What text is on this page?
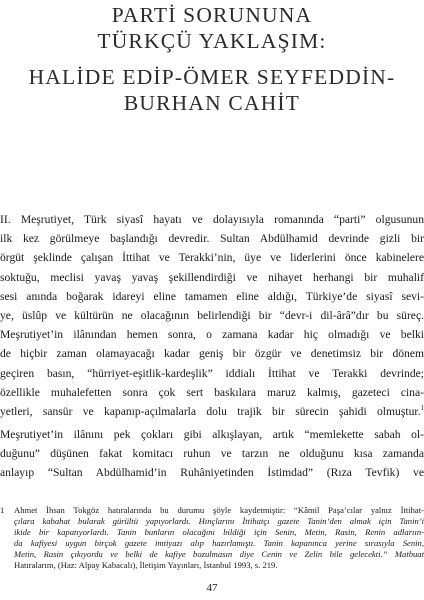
PARTİ SORUNUNA
TÜRKÇÜ YAKLAŞIM:
HALİDE EDİP-ÖMER SEYFEDDİN-
BURHAN CAHİT
II. Meşrutiyet, Türk siyasî hayatı ve dolayısıyla romanında “parti” olgusunun
ilk kez görülmeye başlandığı devredir. Sultan Abdülhamid devrinde gizli bir
örgüt şeklinde çalışan İttihat ve Terakki’nin, üye ve liderlerini önce kabinelere
soktuğu, meclisi yavaş yavaş şekillendirdiği ve nihayet herhangi bir muhalif
sesi anında boğarak idareyi eline tamamen eline aldığı, Türkiye’de siyasî sevi-
ye, üslûp ve kültürün ne olacağının belirlendiği bir “devr-i dil-ârâ”dır bu süreç.
Meşrutiyet’in ilânından hemen sonra, o zamana kadar hiç olmadığı ve belki
de hiçbir zaman olamayacağı kadar geniş bir özgür ve denetimsiz bir dönem
geçiren basın, “hürriyet-eşitlik-kardeşlik” iddialı İttihat ve Terakki devrinde;
özellikle muhalefetten sonra çok sert baskılara maruz kalmış, gazeteci cina-
yetleri, sansür ve kapanıp-açılmalarla dolu trajik bir sürecin şahidi olmuştur.$^1$
Meşrutiyet’in ilânını pek çokları gibi alkışlayan, artık “memlekette sabah ol-
duğunu” düşünen fakat komitacı ruhun ve tarzın ne olduğunu kısa zamanda
anlayıp “Sultan Abdülhamid’in Ruhâniyetinden İstimdad” (Rıza Tevfik) ve
1 Ahmet İhsan Tokgöz hatıralarında bu durumu şöyle kaydetmiştir: “Kâmil Paşa’cılar yalnız İttihat-
çılara kabahat bularak gürültü yapıyorlardı. Hınçlarını İttihatçı gazete Tanin’den almak için Tanin’i
ikide bir kapatıyorlardı. Tanin bunların olacağını bildiği için Senin, Metin, Rasin, Renin adlarıın-
da kafiyesi uygun birçok gazete imtiyazı alıp hazırlamıştı. Tanin kapanınca yerine sırasıyla Senin,
Metin, Rasin çıkıyordu ve belki de kafiye bozulmasın diye Cenin ve Zelin bile gelecekti.” Matbuat
Hatıralarım, (Haz: Alpay Kabacalı), İletişim Yayınları, İstanbul 1993, s. 219.
47
